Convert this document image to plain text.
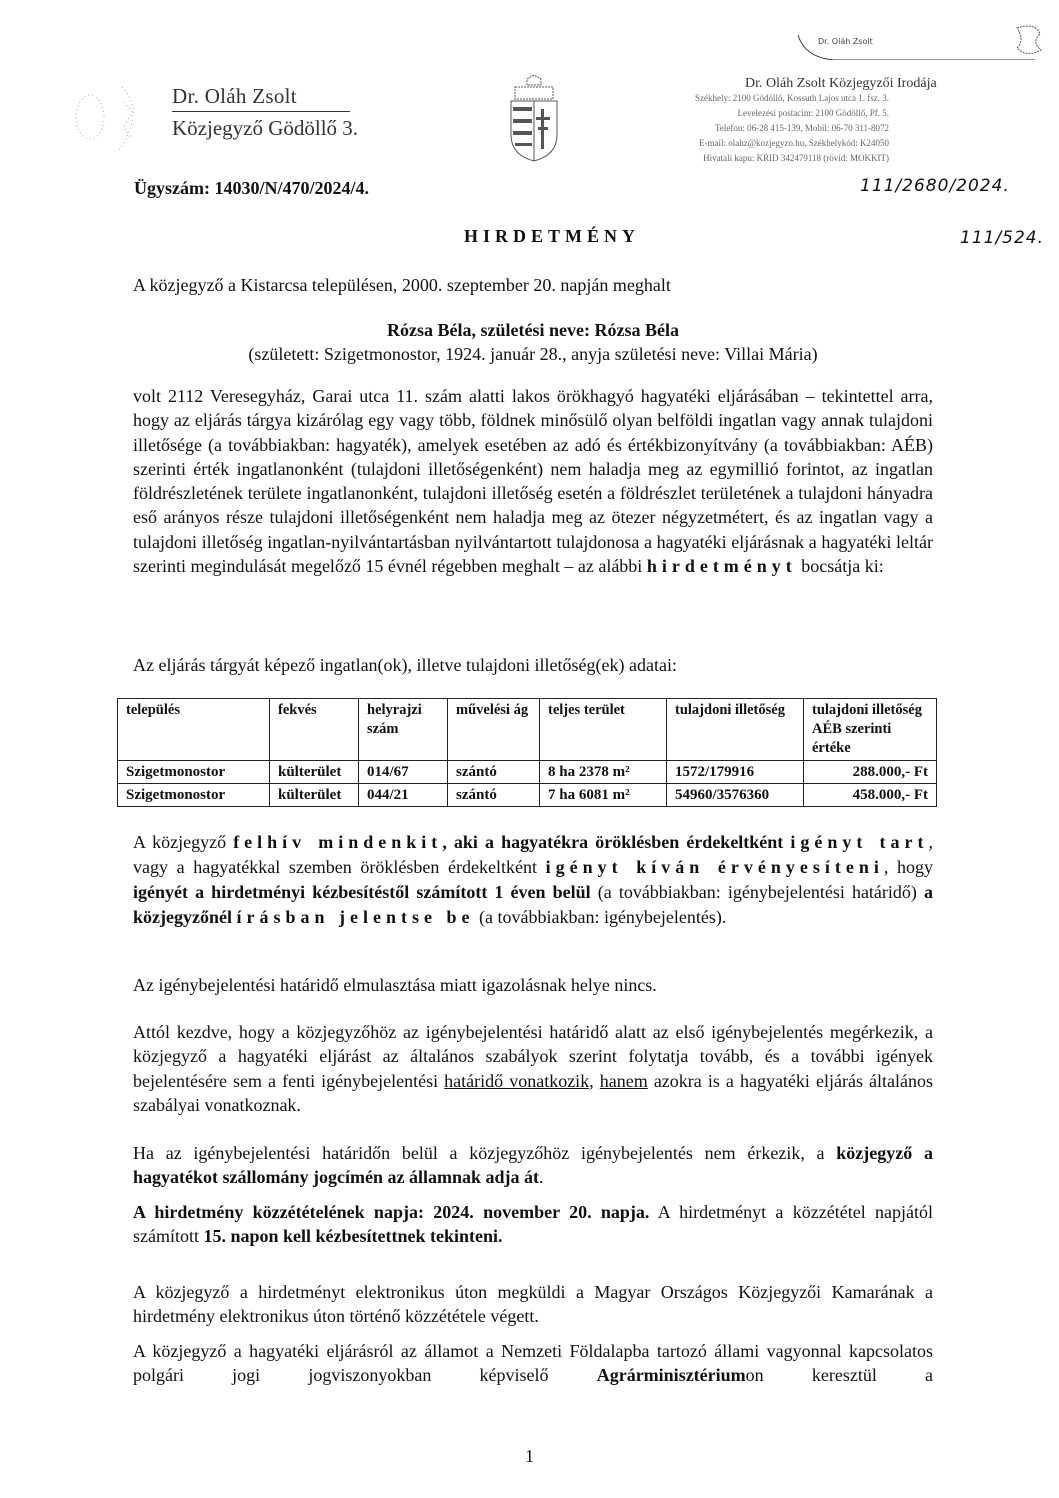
Dr. Oláh Zsolt
Közjegyző Gödöllő 3.
Dr. Oláh Zsolt
Dr. Oláh Zsolt Közjegyzői Irodája
Székhely: 2100 Gödöllő, Kossuth Lajos utca 1. fsz. 3.
Levelezési postacím: 2100 Gödöllő, Pf. 5.
Telefon: 06-28 415-139, Mobil: 06-70 311-8072
E-mail: olahz@kozjegyzo.hu, Székhelykód: K24050
Hivatali kapu: KRID 342479118 (rövid: MOKKIT)
Ügyszám: 14030/N/470/2024/4.	111/2680/2024.
111/524.
HIRDETMÉNY
A közjegyző a Kistarcsa településen, 2000. szeptember 20. napján meghalt
Rózsa Béla, születési neve: Rózsa Béla
(született: Szigetmonostor, 1924. január 28., anyja születési neve: Villai Mária)
volt 2112 Veresegyház, Garai utca 11. szám alatti lakos örökhagyó hagyatéki eljárásában – tekintettel arra, hogy az eljárás tárgya kizárólag egy vagy több, földnek minősülő olyan belföldi ingatlan vagy annak tulajdoni illetősége (a továbbiakban: hagyaték), amelyek esetében az adó és értékbizonyítvány (a továbbiakban: AÉB) szerinti érték ingatlanonként (tulajdoni illetőségenként) nem haladja meg az egymillió forintot, az ingatlan földrészletének területe ingatlanonként, tulajdoni illetőség esetén a földrészlet területének a tulajdoni hányadra eső arányos része tulajdoni illetőségenként nem haladja meg az ötezer négyzetmétert, és az ingatlan vagy a tulajdoni illetőség ingatlan-nyilvántartásban nyilvántartott tulajdonosa a hagyatéki eljárásnak a hagyatéki leltár szerinti megindulását megelőző 15 évnél régebben meghalt – az alábbi hirdetményt bocsátja ki:
Az eljárás tárgyát képező ingatlan(ok), illetve tulajdoni illetőség(ek) adatai:
település	fekvés	helyrajzi szám	művelési ág	teljes terület	tulajdoni illetőség	tulajdoni illetőség AÉB szerinti értéke
Szigetmonostor	külterület	014/67	szántó	8 ha 2378 m²	1572/179916	288.000,- Ft
Szigetmonostor	külterület	044/21	szántó	7 ha 6081 m²	54960/3576360	458.000,- Ft
A közjegyző felhív mindenkit, aki a hagyatékra öröklésben érdekeltként igényt tart, vagy a hagyatékkal szemben öröklésben érdekeltként igényt kíván érvényesíteni, hogy igényét a hirdetményi kézbesítéstől számított 1 éven belül (a továbbiakban: igénybejelentési határidő) a közjegyzőnél írásban jelentse be (a továbbiakban: igénybejelentés).
Az igénybejelentési határidő elmulasztása miatt igazolásnak helye nincs.
Attól kezdve, hogy a közjegyzőhöz az igénybejelentési határidő alatt az első igénybejelentés megérkezik, a közjegyző a hagyatéki eljárást az általános szabályok szerint folytatja tovább, és a további igények bejelentésére sem a fenti igénybejelentési határidő vonatkozik, hanem azokra is a hagyatéki eljárás általános szabályai vonatkoznak.
Ha az igénybejelentési határidőn belül a közjegyzőhöz igénybejelentés nem érkezik, a közjegyző a hagyatékot szállomány jogcímén az államnak adja át.
A hirdetmény közzétételének napja: 2024. november 20. napja. A hirdetményt a közzététel napjától számított 15. napon kell kézbesítettnek tekinteni.
A közjegyző a hirdetményt elektronikus úton megküldi a Magyar Országos Közjegyzői Kamarának a hirdetmény elektronikus úton történő közzététele végett.
A közjegyző a hagyatéki eljárásról az államot a Nemzeti Földalapba tartozó állami vagyonnal kapcsolatos polgári jogi jogviszonyokban képviselő	Agrárminisztériumon keresztül a
1
